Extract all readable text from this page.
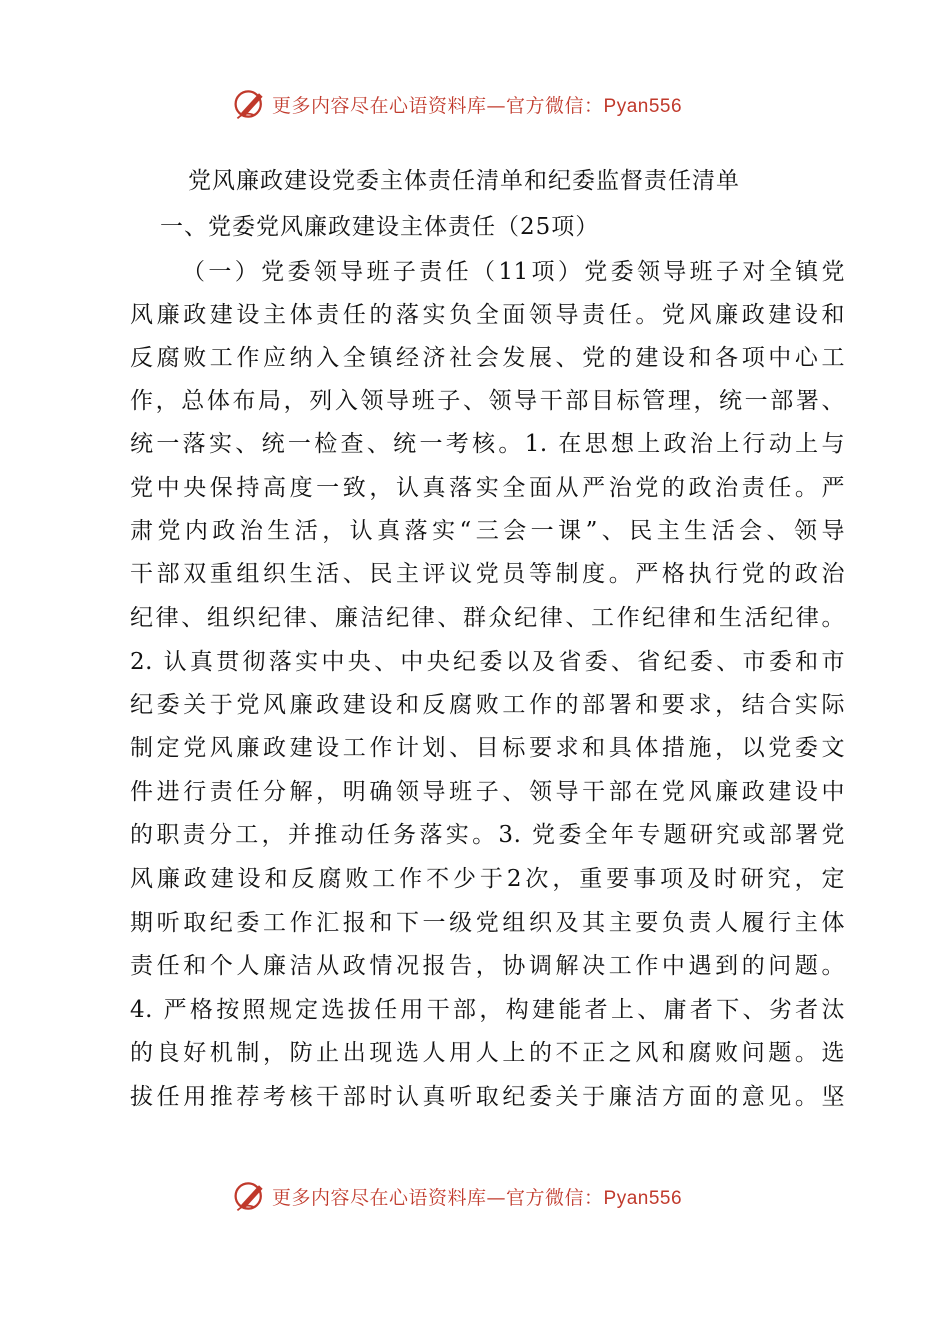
更多内容尽在心语资料库—官方微信：Pyan556
党风廉政建设党委主体责任清单和纪委监督责任清单
一、党委党风廉政建设主体责任（25项）
（一）党委领导班子责任（11项）党委领导班子对全镇党
风廉政建设主体责任的落实负全面领导责任。党风廉政建设和
反腐败工作应纳入全镇经济社会发展、党的建设和各项中心工
作，总体布局，列入领导班子、领导干部目标管理，统一部署、
统一落实、统一检查、统一考核。1. 在思想上政治上行动上与
党中央保持高度一致，认真落实全面从严治党的政治责任。严
肃党内政治生活，认真落实“三会一课”、民主生活会、领导
干部双重组织生活、民主评议党员等制度。严格执行党的政治
纪律、组织纪律、廉洁纪律、群众纪律、工作纪律和生活纪律。
2. 认真贯彻落实中央、中央纪委以及省委、省纪委、市委和市
纪委关于党风廉政建设和反腐败工作的部署和要求，结合实际
制定党风廉政建设工作计划、目标要求和具体措施，以党委文
件进行责任分解，明确领导班子、领导干部在党风廉政建设中
的职责分工，并推动任务落实。3. 党委全年专题研究或部署党
风廉政建设和反腐败工作不少于2次，重要事项及时研究，定
期听取纪委工作汇报和下一级党组织及其主要负责人履行主体
责任和个人廉洁从政情况报告，协调解决工作中遇到的问题。
4. 严格按照规定选拔任用干部，构建能者上、庸者下、劣者汰
的良好机制，防止出现选人用人上的不正之风和腐败问题。选
拔任用推荐考核干部时认真听取纪委关于廉洁方面的意见。坚
更多内容尽在心语资料库—官方微信：Pyan556
